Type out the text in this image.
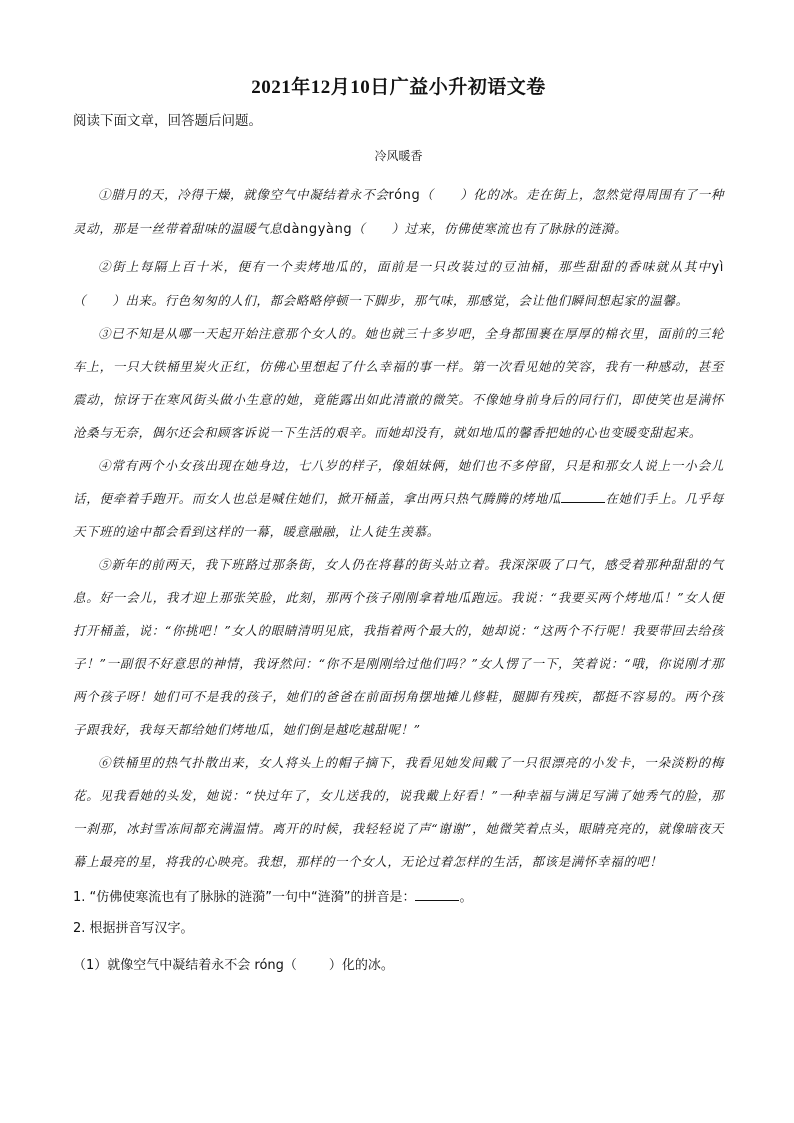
2021年12月10日广益小升初语文卷

阅读下面文章，回答题后问题。

冷风暖香

①腊月的天，冷得干燥，就像空气中凝结着永不会róng（　　）化的冰。走在街上，忽然觉得周围有了一种灵动，那是一丝带着甜味的温暖气息dàngyàng（　　）过来，仿佛使寒流也有了脉脉的涟漪。

②街上每隔上百十米，便有一个卖烤地瓜的，面前是一只改装过的豆油桶，那些甜甜的香味就从其中yì（　　）出来。行色匆匆的人们，都会略略停顿一下脚步，那气味，那感觉，会让他们瞬间想起家的温馨。

③已不知是从哪一天起开始注意那个女人的。她也就三十多岁吧，全身都围裹在厚厚的棉衣里，面前的三轮车上，一只大铁桶里炭火正红，仿佛心里想起了什么幸福的事一样。第一次看见她的笑容，我有一种感动，甚至震动，惊讶于在寒风街头做小生意的她，竟能露出如此清澈的微笑。不像她身前身后的同行们，即使笑也是满怀沧桑与无奈，偶尔还会和顾客诉说一下生活的艰辛。而她却没有，就如地瓜的馨香把她的心也变暖变甜起来。

④常有两个小女孩出现在她身边，七八岁的样子，像姐妹俩，她们也不多停留，只是和那女人说上一小会儿话，便牵着手跑开。而女人也总是喊住她们，掀开桶盖，拿出两只热气腾腾的烤地瓜	在她们手上。几乎每天下班的途中都会看到这样的一幕，暖意融融，让人徒生羡慕。

⑤新年的前两天，我下班路过那条街，女人仍在将暮的街头站立着。我深深吸了口气，感受着那种甜甜的气息。好一会儿，我才迎上那张笑脸，此刻，那两个孩子刚刚拿着地瓜跑远。我说：“我要买两个烤地瓜！”女人便打开桶盖，说：“你挑吧！”女人的眼睛清明见底，我指着两个最大的，她却说：“这两个不行呢！我要带回去给孩子！”一副很不好意思的神情，我讶然问：“你不是刚刚给过他们吗？”女人愣了一下，笑着说：“哦，你说刚才那两个孩子呀！她们可不是我的孩子，她们的爸爸在前面拐角摆地摊儿修鞋，腿脚有残疾，都挺不容易的。两个孩子跟我好，我每天都给她们烤地瓜，她们倒是越吃越甜呢！”

⑥铁桶里的热气扑散出来，女人将头上的帽子摘下，我看见她发间戴了一只很漂亮的小发卡，一朵淡粉的梅花。见我看她的头发，她说：“快过年了，女儿送我的，说我戴上好看！”一种幸福与满足写满了她秀气的脸，那一刹那，冰封雪冻间都充满温情。离开的时候，我轻轻说了声“谢谢”，她微笑着点头，眼睛亮亮的，就像暗夜天幕上最亮的星，将我的心映亮。我想，那样的一个女人，无论过着怎样的生活，都该是满怀幸福的吧！

1. “仿佛使寒流也有了脉脉的涟漪”一句中“涟漪”的拼音是：	。

2. 根据拼音写汉字。

（1）就像空气中凝结着永不会 róng（ ）化的冰。
